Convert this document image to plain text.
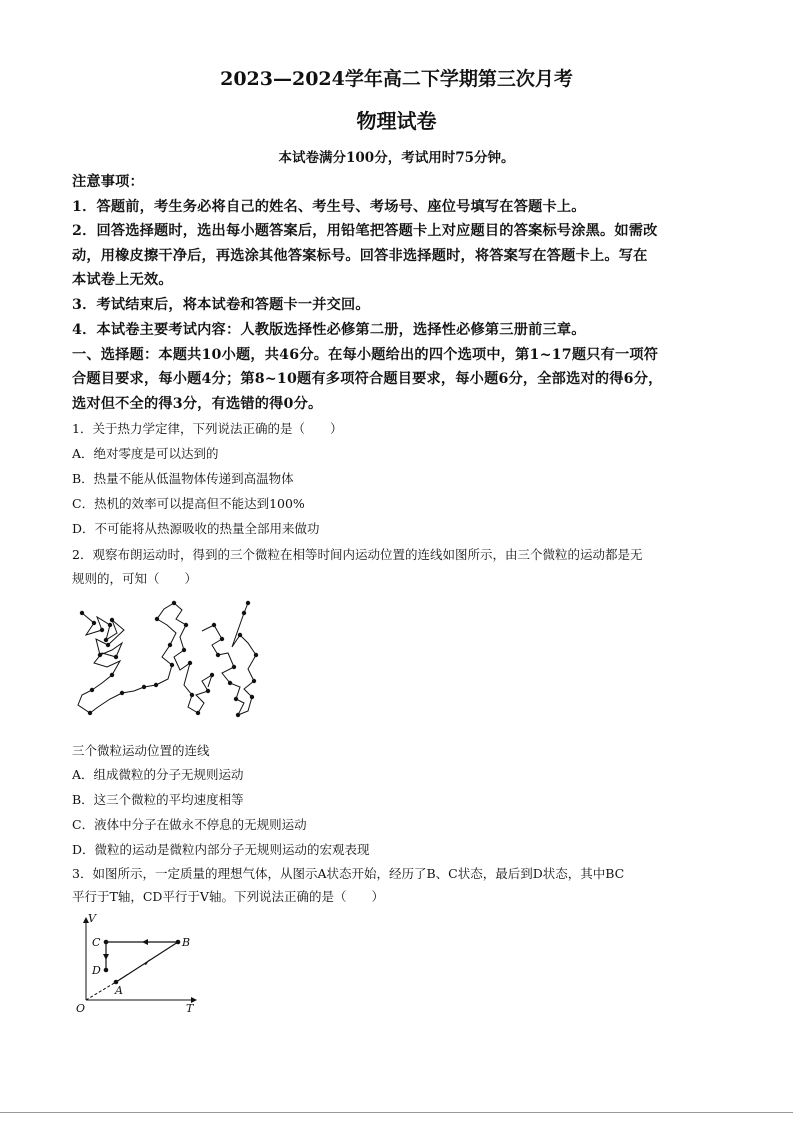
2023—2024学年高二下学期第三次月考
物理试卷
本试卷满分100分，考试用时75分钟。
注意事项：
1．答题前，考生务必将自己的姓名、考生号、考场号、座位号填写在答题卡上。
2．回答选择题时，选出每小题答案后，用铅笔把答题卡上对应题目的答案标号涂黑。如需改
动，用橡皮擦干净后，再选涂其他答案标号。回答非选择题时，将答案写在答题卡上。写在
本试卷上无效。
3．考试结束后，将本试卷和答题卡一并交回。
4．本试卷主要考试内容：人教版选择性必修第二册，选择性必修第三册前三章。
一、选择题：本题共10小题，共46分。在每小题给出的四个选项中，第1~17题只有一项符
合题目要求，每小题4分；第8~10题有多项符合题目要求，每小题6分，全部选对的得6分，
选对但不全的得3分，有选错的得0分。
1．关于热力学定律，下列说法正确的是（　　）
A．绝对零度是可以达到的
B．热量不能从低温物体传递到高温物体
C．热机的效率可以提高但不能达到100%
D．不可能将从热源吸收的热量全部用来做功
2．观察布朗运动时，得到的三个微粒在相等时间内运动位置的连线如图所示，由三个微粒的运动都是无
规则的，可知（　　）
三个微粒运动位置的连线
A．组成微粒的分子无规则运动
B．这三个微粒的平均速度相等
C．液体中分子在做永不停息的无规则运动
D．微粒的运动是微粒内部分子无规则运动的宏观表现
3．如图所示，一定质量的理想气体，从图示A状态开始，经历了B、C状态，最后到D状态，其中BC
平行于T轴，CD平行于V轴。下列说法正确的是（　　）
V
T
O
A
B
C
D
